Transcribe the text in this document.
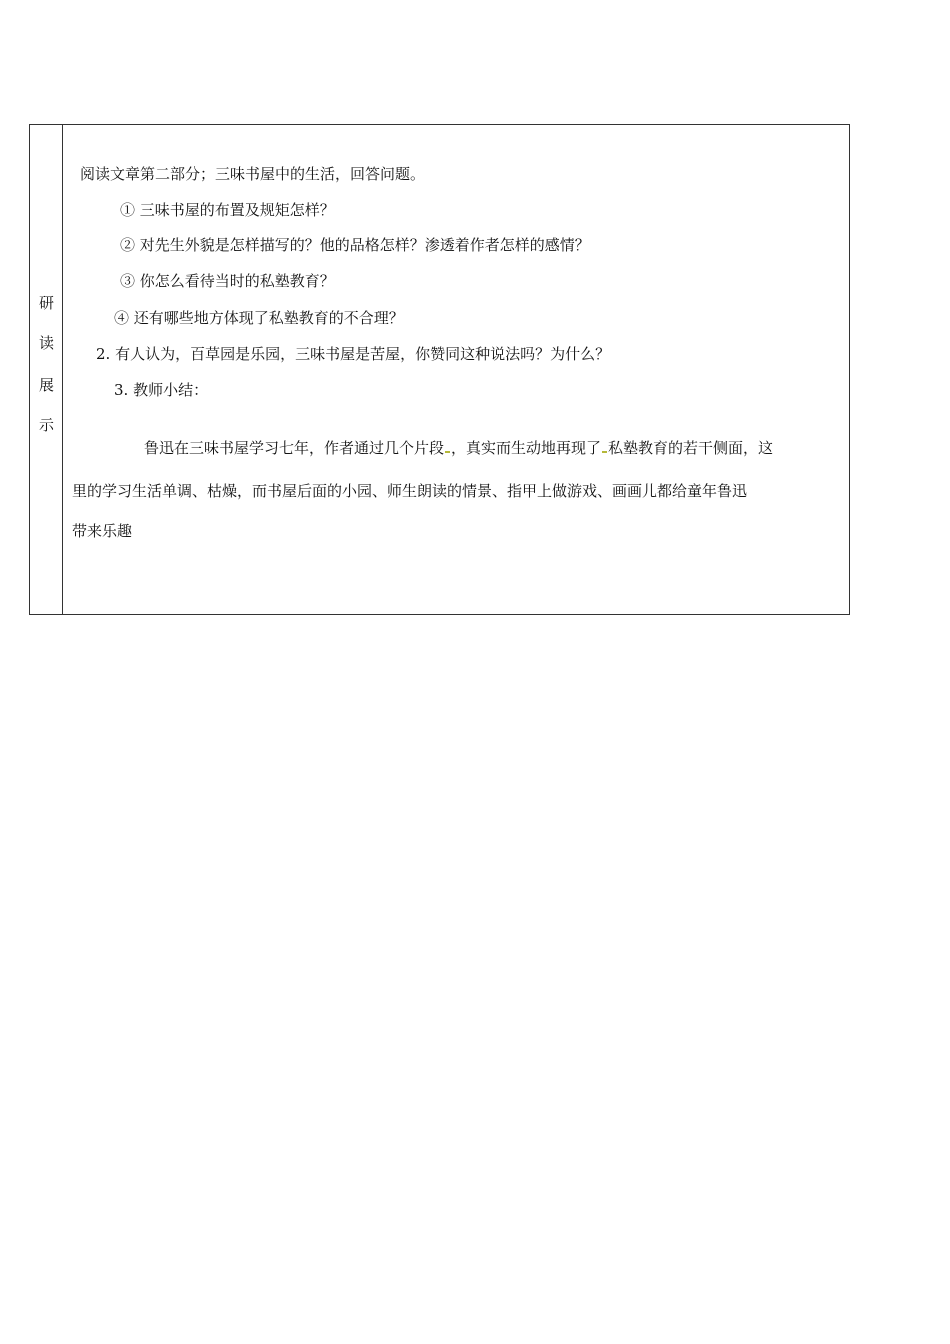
研
读
展
示
阅读文章第二部分；三味书屋中的生活，回答问题。
① 三味书屋的布置及规矩怎样？
② 对先生外貌是怎样描写的？他的品格怎样？渗透着作者怎样的感情？
③ 你怎么看待当时的私塾教育？
④ 还有哪些地方体现了私塾教育的不合理？
2. 有人认为，百草园是乐园，三味书屋是苦屋，你赞同这种说法吗？为什么？
3. 教师小结：
鲁迅在三味书屋学习七年，作者通过几个片段 ，真实而生动地再现了 私塾教育的若干侧面，这
里的学习生活单调、枯燥，而书屋后面的小园、师生朗读的情景、指甲上做游戏、画画儿都给童年鲁迅
带来乐趣
